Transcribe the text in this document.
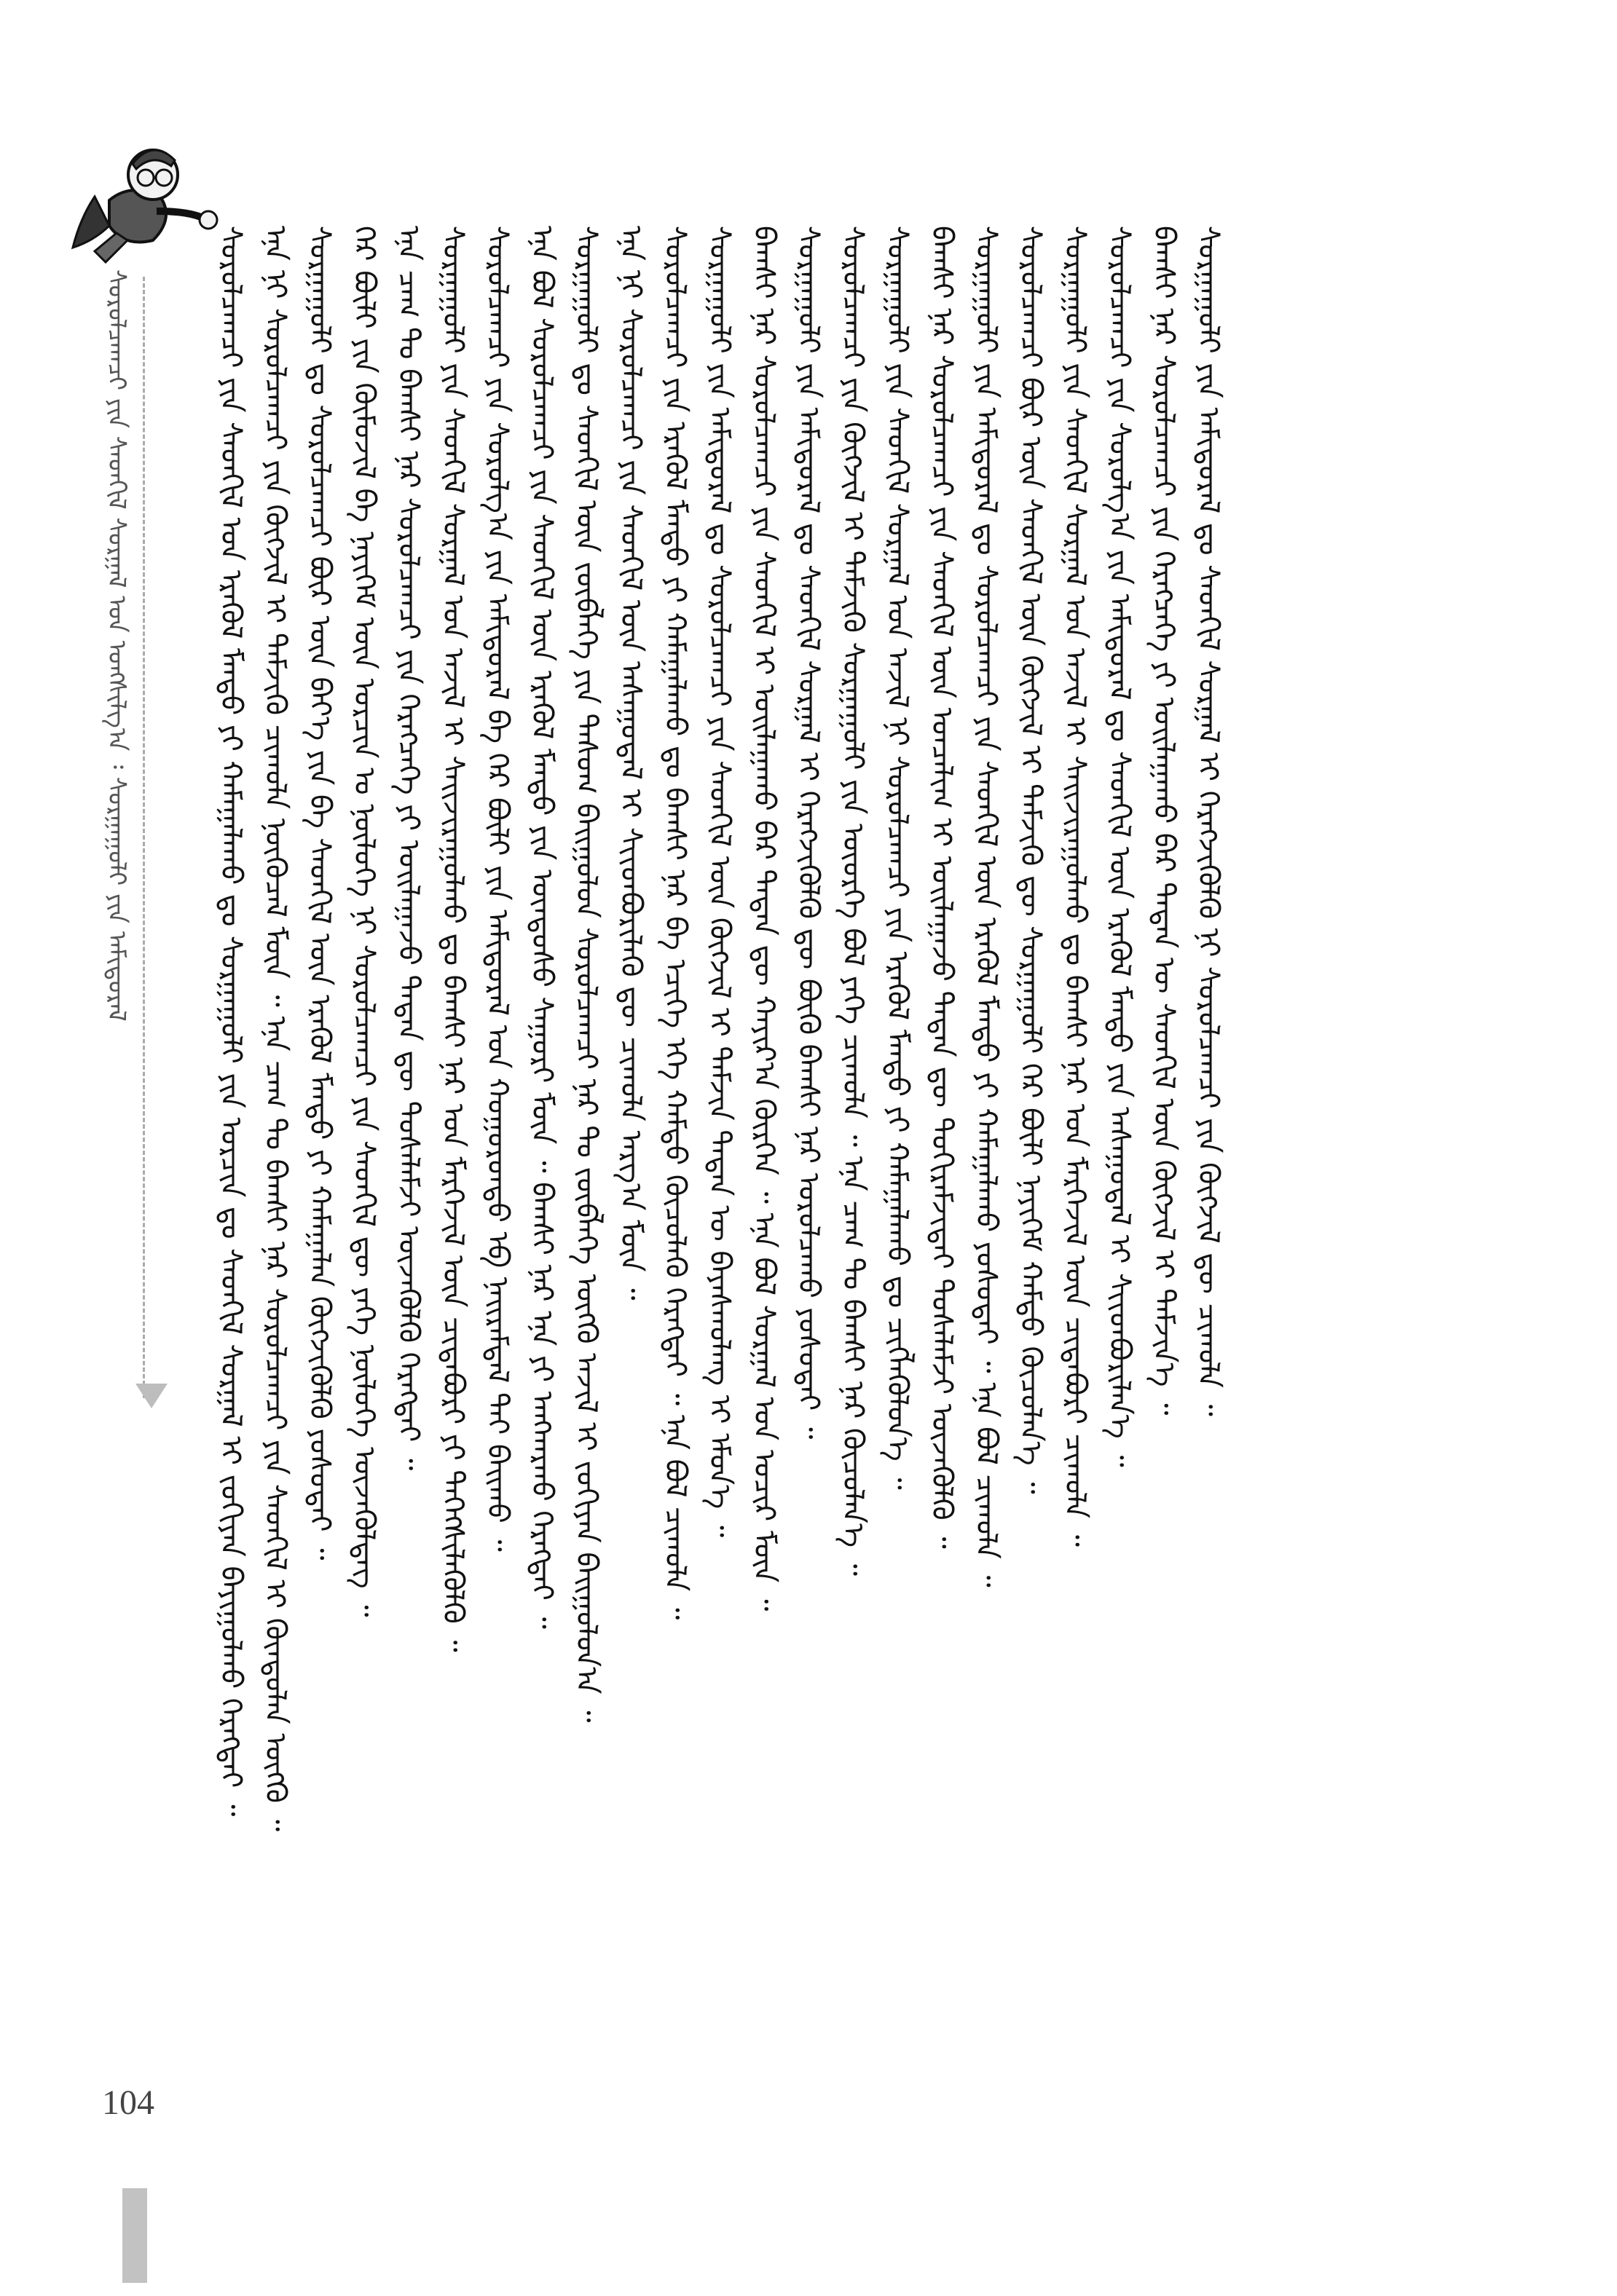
ᠰᠤᠷᠤᠯᠴᠠᠭᠴᠢ ᠶᠢᠨ ᠰᠡᠳᠬᠢᠯ ᠰᠤᠷᠭᠠᠯ ᠤᠨ ᠤᠩᠰᠢᠯᠭ᠎ᠠ ᠄ ᠰᠤᠷᠭᠠᠭᠤᠯᠢ ᠶᠢᠨ ᠠᠮᠢᠳᠤᠷᠠᠯ	ᠰᠤᠷᠤᠯᠴᠠᠭᠴᠢ ᠶᠢᠨ ᠰᠡᠳᠬᠢᠯ ᠤᠨ ᠡᠷᠡᠭᠦᠯ ᠮᠡᠨᠳᠦ ᠶᠢ ᠬᠠᠮᠠᠭᠠᠯᠠᠬᠤ ᠳᠤ ᠰᠤᠷᠭᠠᠭᠤᠯᠢ ᠶᠢᠨ ᠤᠷᠴᠢᠨ ᠳᠤ ᠰᠡᠳᠬᠢᠯ ᠰᠤᠷᠭᠠᠯ ᠢ ᠵᠣᠬᠢᠶᠠᠨ ᠪᠠᠶᠢᠭᠤᠯᠬᠤ ᠬᠡᠷᠡᠭᠲᠡᠢ ᠃ ᠡᠨᠡ ᠨᠢ ᠰᠤᠷᠤᠯᠴᠠᠭᠴᠢ ᠶᠢᠨ ᠬᠥᠭᠵᠢᠯ ᠢ ᠳᠡᠮᠵᠢᠬᠦ ᠴᠢᠬᠤᠯᠠ ᠨᠥᠬᠦᠴᠡᠯ ᠮᠥᠨ ᠃ ᠡᠨᠡ ᠴᠠᠭ ᠲᠤ ᠪᠠᠭᠰᠢ ᠨᠠᠷ ᠰᠤᠷᠤᠯᠴᠠᠭᠴᠢ ᠶᠢᠨ ᠰᠡᠳᠬᠢᠯ ᠢ ᠬᠦᠨᠳᠦᠯᠡᠨ ᠥᠭᠬᠦ ᠃ ᠰᠤᠷᠭᠠᠭᠤᠯᠢ ᠳᠤ ᠰᠤᠷᠤᠯᠴᠠᠭᠴᠢ ᠪᠦᠷ ᠦᠨ ᠪᠡᠶ᠎ᠡ ᠶᠢᠨ ᠪᠠ ᠰᠡᠳᠬᠢᠯ ᠦᠨ ᠡᠷᠡᠭᠦᠯ ᠮᠡᠨᠳᠦ ᠶᠢ ᠬᠠᠮᠠᠭᠠᠯᠠᠨ ᠬᠥᠭᠵᠢᠭᠦᠯᠬᠦ ᠶᠣᠰᠣᠲᠠᠢ ᠃ ᠭᠡᠷ ᠪᠦᠯᠢ ᠶᠢᠨ ᠬᠦᠮᠦᠵᠢᠯ ᠪᠠ ᠨᠡᠶᠢᠭᠡᠮ ᠦᠨ ᠣᠷᠴᠢᠨ ᠤ ᠨᠥᠯᠥᠭᠡ ᠨᠢ ᠰᠤᠷᠤᠯᠴᠠᠭᠴᠢ ᠶᠢᠨ ᠰᠡᠳᠬᠢᠯ ᠳᠦ ᠶᠡᠬᠡ ᠨᠥᠯᠥᠭᠡ ᠦᠵᠡᠭᠦᠯᠳᠡᠭ ᠃ ᠡᠨᠡ ᠴᠠᠭ ᠲᠤ ᠪᠠᠭᠰᠢ ᠨᠠᠷ ᠰᠤᠷᠤᠯᠴᠠᠭᠴᠢ ᠶᠢᠨ ᠬᠡᠷᠡᠭᠴᠡᠭᠡ ᠶᠢ ᠣᠢᠯᠠᠭᠠᠵᠤ ᠲᠡᠳᠡᠨ ᠳᠦ ᠲᠤᠰᠠᠯᠠᠮᠵᠢ ᠦᠵᠡᠭᠦᠯᠬᠦ ᠬᠡᠷᠡᠭᠲᠡᠢ ᠃ ᠰᠤᠷᠭᠠᠭᠤᠯᠢ ᠶᠢᠨ ᠰᠡᠳᠬᠢᠯ ᠰᠤᠷᠭᠠᠯ ᠤᠨ ᠠᠵᠢᠯ ᠢ ᠰᠠᠢᠵᠢᠷᠠᠭᠤᠯᠬᠤ ᠳᠤ ᠪᠠᠭᠰᠢ ᠨᠠᠷ ᠤᠨ ᠮᠡᠷᠭᠡᠵᠢᠯ ᠦᠨ ᠴᠢᠳᠠᠪᠤᠷᠢ ᠶᠢ ᠳᠡᠭᠡᠭᠰᠢᠯᠡᠭᠦᠯᠬᠦ ᠃ ᠰᠤᠷᠤᠯᠴᠠᠭᠴᠢ ᠶᠢᠨ ᠰᠤᠷᠤᠯᠭ᠎ᠠ ᠶᠢᠨ ᠠᠮᠢᠳᠤᠷᠠᠯ ᠪᠠ ᠭᠡᠷ ᠪᠦᠯᠢ ᠶᠢᠨ ᠠᠮᠢᠳᠤᠷᠠᠯ ᠤᠨ ᠬᠣᠭᠣᠷᠤᠨᠳᠤ ᠡᠪ ᠨᠠᠢᠷᠠᠮᠳᠠᠯ ᠲᠠᠢ ᠪᠠᠢᠬᠤ ᠃ ᠡᠨᠡ ᠪᠣᠯ ᠰᠤᠷᠤᠯᠴᠠᠭᠴᠢ ᠶᠢᠨ ᠰᠡᠳᠬᠢᠯ ᠦᠨ ᠡᠷᠡᠭᠦᠯ ᠮᠡᠨᠳᠦ ᠶᠢᠨ ᠦᠨᠳᠦᠰᠦ ᠰᠠᠭᠤᠷᠢ ᠮᠥᠨ ᠃ ᠪᠠᠭᠰᠢ ᠨᠠᠷ ᠡᠨᠡ ᠶᠢ ᠠᠩᠬᠠᠷᠬᠤ ᠬᠡᠷᠡᠭᠲᠡᠢ ᠃ ᠰᠤᠷᠭᠠᠭᠤᠯᠢ ᠳᠤ ᠰᠡᠳᠬᠢᠯ ᠦᠨ ᠵᠥᠪᠯᠡᠭᠡ ᠶᠢᠨ ᠲᠠᠰᠤᠭ ᠪᠠᠢᠭᠤᠯᠤᠨ ᠰᠤᠷᠤᠯᠴᠠᠭᠴᠢ ᠨᠠᠷ ᠲᠤ ᠵᠥᠪᠯᠡᠭᠡ ᠥᠭᠬᠦ ᠠᠵᠢᠯ ᠢ ᠵᠣᠬᠢᠶᠠᠨ ᠪᠠᠢᠭᠤᠯᠤᠨ᠎ᠠ ᠃ ᠡᠨᠡ ᠨᠢ ᠰᠤᠷᠤᠯᠴᠠᠭᠴᠢ ᠶᠢᠨ ᠰᠡᠳᠬᠢᠯ ᠦᠨ ᠠᠰᠠᠭᠤᠳᠠᠯ ᠢ ᠰᠢᠢᠳᠪᠦᠷᠢᠯᠡᠬᠦ ᠳᠦ ᠴᠢᠬᠤᠯᠠ ᠠᠷᠭ᠎ᠠ ᠮᠥᠨ ᠃ ᠰᠤᠷᠤᠯᠴᠠᠭᠴᠢ ᠶᠢᠨ ᠡᠷᠡᠭᠦᠯ ᠮᠡᠨᠳᠦ ᠶᠢ ᠬᠠᠮᠠᠭᠠᠯᠠᠬᠤ ᠳᠤ ᠪᠠᠭᠰᠢ ᠨᠠᠷ ᠪᠠ ᠡᠴᠢᠭᠡ ᠡᠬᠡ ᠬᠠᠮᠲᠤ ᠬᠦᠴᠦᠯᠡᠬᠦ ᠬᠡᠷᠡᠭᠲᠡᠢ ᠃ ᠡᠨᠡ ᠪᠣᠯ ᠴᠢᠬᠤᠯᠠ ᠃ ᠰᠤᠷᠭᠠᠭᠤᠯᠢ ᠶᠢᠨ ᠠᠮᠢᠳᠤᠷᠠᠯ ᠳᠤ ᠰᠤᠷᠤᠯᠴᠠᠭᠴᠢ ᠶᠢᠨ ᠰᠡᠳᠬᠢᠯ ᠦᠨ ᠬᠥᠭᠵᠢᠯ ᠢ ᠳᠡᠮᠵᠢᠨ ᠲᠡᠳᠡᠨ ᠦ ᠪᠠᠶᠠᠰᠬᠤᠯᠠᠩ ᠢ ᠡᠮᠦᠨ᠎ᠡ ᠃ ᠪᠠᠭᠰᠢ ᠨᠠᠷ ᠰᠤᠷᠤᠯᠴᠠᠭᠴᠢ ᠶᠢᠨ ᠰᠡᠳᠬᠢᠯ ᠢ ᠣᠢᠯᠠᠭᠠᠬᠤ ᠪᠠᠷ ᠲᠡᠳᠡᠨ ᠳᠦ ᠬᠠᠶᠢᠷ᠎ᠠ ᠬᠦᠷᠭᠡᠨ ᠃ ᠡᠨᠡ ᠪᠣᠯ ᠰᠤᠷᠭᠠᠯ ᠤᠨ ᠤᠴᠢᠷ ᠮᠥᠨ ᠃ ᠰᠤᠷᠭᠠᠭᠤᠯᠢ ᠶᠢᠨ ᠠᠮᠢᠳᠤᠷᠠᠯ ᠳᠤ ᠰᠡᠳᠬᠢᠯ ᠰᠤᠷᠭᠠᠯ ᠢ ᠬᠡᠷᠡᠭᠵᠢᠭᠦᠯᠬᠦ ᠳᠦ ᠪᠦᠬᠦ ᠪᠠᠭᠰᠢ ᠨᠠᠷ ᠣᠷᠣᠯᠴᠠᠬᠤ ᠶᠣᠰᠣᠲᠠᠢ ᠃ ᠰᠤᠷᠤᠯᠴᠠᠭᠴᠢ ᠶᠢᠨ ᠬᠥᠭᠵᠢᠯ ᠢ ᠳᠡᠮᠵᠢᠬᠦ ᠰᠤᠷᠭᠠᠭᠤᠯᠢ ᠶᠢᠨ ᠦᠦᠷᠭᠡ ᠪᠣᠯ ᠶᠡᠬᠡ ᠴᠢᠬᠤᠯᠠ ᠃ ᠡᠨᠡ ᠴᠠᠭ ᠲᠤ ᠪᠠᠭᠰᠢ ᠨᠠᠷ ᠬᠦᠴᠦᠯᠡᠨ᠎ᠡ ᠃ ᠰᠤᠷᠭᠠᠭᠤᠯᠢ ᠶᠢᠨ ᠰᠡᠳᠬᠢᠯ ᠰᠤᠷᠭᠠᠯ ᠤᠨ ᠠᠵᠢᠯ ᠨᠢ ᠰᠤᠷᠤᠯᠴᠠᠭᠴᠢ ᠶᠢᠨ ᠡᠷᠡᠭᠦᠯ ᠮᠡᠨᠳᠦ ᠶᠢ ᠬᠠᠮᠠᠭᠠᠯᠠᠬᠤ ᠳᠤ ᠴᠢᠭᠯᠡᠭᠦᠯᠦᠨ᠎ᠡ ᠃ ᠪᠠᠭᠰᠢ ᠨᠠᠷ ᠰᠤᠷᠤᠯᠴᠠᠭᠴᠢ ᠶᠢᠨ ᠰᠡᠳᠬᠢᠯ ᠦᠨ ᠣᠨᠴᠠᠯᠢᠭ ᠢ ᠣᠢᠯᠠᠭᠠᠵᠤ ᠲᠡᠳᠡᠨ ᠳᠦ ᠲᠣᠬᠢᠷᠠᠮᠵᠢᠲᠠᠢ ᠲᠤᠰᠠᠯᠠᠮᠵᠢ ᠦᠵᠡᠭᠦᠯᠬᠦ ᠃ ᠰᠤᠷᠭᠠᠭᠤᠯᠢ ᠶᠢᠨ ᠠᠮᠢᠳᠤᠷᠠᠯ ᠳᠤ ᠰᠤᠷᠤᠯᠴᠠᠭᠴᠢ ᠶᠢᠨ ᠰᠡᠳᠬᠢᠯ ᠦᠨ ᠡᠷᠡᠭᠦᠯ ᠮᠡᠨᠳᠦ ᠶᠢ ᠬᠠᠮᠠᠭᠠᠯᠠᠬᠤ ᠶᠣᠰᠣᠲᠠᠢ ᠃ ᠡᠨᠡ ᠪᠣᠯ ᠴᠢᠬᠤᠯᠠ ᠃ ᠰᠤᠷᠤᠯᠴᠠᠭᠴᠢ ᠪᠦᠷ ᠦᠨ ᠰᠡᠳᠬᠢᠯ ᠦᠨ ᠬᠥᠭᠵᠢᠯ ᠢ ᠳᠡᠮᠵᠢᠬᠦ ᠳᠦ ᠰᠤᠷᠭᠠᠭᠤᠯᠢ ᠭᠡᠷ ᠪᠦᠯᠢ ᠨᠡᠶᠢᠭᠡᠮ ᠬᠠᠮᠲᠤ ᠬᠦᠴᠦᠯᠡᠨ᠎ᠡ ᠃ ᠰᠤᠷᠭᠠᠭᠤᠯᠢ ᠶᠢᠨ ᠰᠡᠳᠬᠢᠯ ᠰᠤᠷᠭᠠᠯ ᠤᠨ ᠠᠵᠢᠯ ᠢ ᠰᠠᠢᠵᠢᠷᠠᠭᠤᠯᠬᠤ ᠳᠤ ᠪᠠᠭᠰᠢ ᠨᠠᠷ ᠤᠨ ᠮᠡᠷᠭᠡᠵᠢᠯ ᠦᠨ ᠴᠢᠳᠠᠪᠤᠷᠢ ᠴᠢᠬᠤᠯᠠ ᠃ ᠰᠤᠷᠤᠯᠴᠠᠭᠴᠢ ᠶᠢᠨ ᠰᠤᠷᠤᠯᠭ᠎ᠠ ᠶᠢᠨ ᠠᠮᠢᠳᠤᠷᠠᠯ ᠳᠤ ᠰᠡᠳᠬᠢᠯ ᠦᠨ ᠡᠷᠡᠭᠦᠯ ᠮᠡᠨᠳᠦ ᠶᠢᠨ ᠠᠰᠠᠭᠤᠳᠠᠯ ᠢ ᠰᠢᠢᠳᠪᠦᠷᠢᠯᠡᠨ᠎ᠡ ᠃ ᠪᠠᠭᠰᠢ ᠨᠠᠷ ᠰᠤᠷᠤᠯᠴᠠᠭᠴᠢ ᠶᠢᠨ ᠬᠡᠷᠡᠭᠴᠡᠭᠡ ᠶᠢ ᠣᠢᠯᠠᠭᠠᠬᠤ ᠪᠠᠷ ᠲᠡᠳᠡᠨ ᠦ ᠰᠡᠳᠬᠢᠯ ᠦᠨ ᠬᠥᠭᠵᠢᠯ ᠢ ᠳᠡᠮᠵᠢᠨ᠎ᠡ ᠃ ᠰᠤᠷᠭᠠᠭᠤᠯᠢ ᠶᠢᠨ ᠠᠮᠢᠳᠤᠷᠠᠯ ᠳᠤ ᠰᠡᠳᠬᠢᠯ ᠰᠤᠷᠭᠠᠯ ᠢ ᠬᠡᠷᠡᠭᠵᠢᠭᠦᠯᠬᠦ ᠨᠢ ᠰᠤᠷᠤᠯᠴᠠᠭᠴᠢ ᠶᠢᠨ ᠬᠥᠭᠵᠢᠯ ᠳᠦ ᠴᠢᠬᠤᠯᠠ ᠃
104
